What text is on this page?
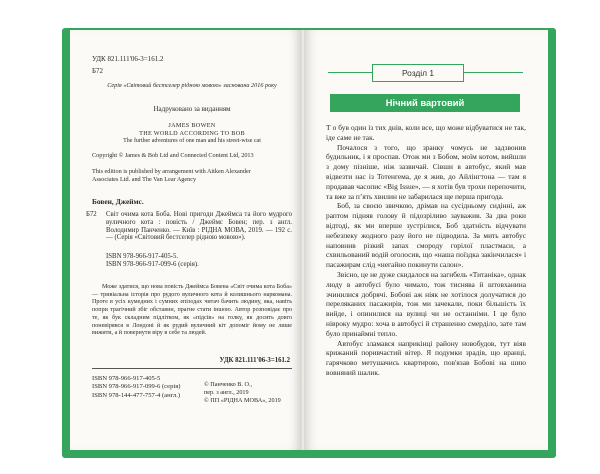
УДК 821.111'06-3=161.2
Б72
Серія «Світовий бестселер рідною мовою» заснована 2016 року
Надруковано за виданням
JAMES BOWEN
THE WORLD ACCORDING TO BOB
The further adventures of one man and his street-wise cat
Copyright © James & Bob Ltd and Connected Content Ltd, 2013
This edition is published by arrangement with Aitken Alexander
Associates Ltd. and The Van Lear Agency
Бовен, Джеймс.
Б72	Світ очима кота Боба. Нові пригоди Джеймса та його мудрого вуличного кота : повість / Джеймс Бовен; пер. з англ. Володимир Панченко. — Київ : РІДНА МОВА, 2019. — 192 с. — (Серія «Світовий бестселер рідною мовою»).
ISBN 978-966-917-405-5.
ISBN 978-966-917-099-6 (серія).
Може здатися, що нова повість Джеймса Бовена «Світ очима кота Боба» — тривіальна історія про рудого вуличного кота й колишнього наркомана. Проте в усіх кумедних і сумних епізодах читач бачить людину, яка, навіть попри трагічний збіг обставин, прагне стати іншою. Автор розповідає про те, як бук складним підлітком, як «підсів» на голку, як досить довго поневірявся в Лондоні й як рудий вуличний кіт допоміг йому не лише вижити, а й повернути віру в себе та людей.
УДК 821.111'06-3=161.2
ISBN 978-966-917-405-5
ISBN 978-966-917-099-6 (серія)
ISBN 978-144-477-757-4 (англ.)
© Панченко В. О.,
пер. з англ., 2019
© ПП «РІДНА МОВА», 2019
Розділ 1
Нічний вартовий

Т о був один із тих днів, коли все, що може відбуватися не так, іде саме не так.

Почалося з того, що зранку чомусь не задзвонив будильник, і я проспав. Отож ми з Бобом, моїм котом, вийшли з дому пізніше, ніж зазвичай. Сівши в автобус, який мав відвезти нас із Тотенгема, де я жив, до Айлінгтона — там я продавав часопис «Big Issue», — я хотів був трохи перепочити, та вже за пʼять хвилин не забарилася ще перша пригода.

Боб, за своєю звичкою, дрімав на сусідньому сидінні, аж раптом підняв голову й підозріливо зауважив. За два роки відтоді, як ми вперше зустрілися, Боб здатність відчувати небезпеку жодного разу його не підводила. За мить автобус наповнив різкий запах смороду горілої пластмаси, а схвильований водій оголосив, що «наша поїздка закінчилася» і пасажирам слід «негайно покинути салон».

Звісно, це не дуже скидалося на загибель «Титаніка», однак люду в автобусі було чимало, тож тиснява й штовханина зчинилися добрячі. Бобові аж ніяк не хотілося долучатися до переляканих пасажирів, тож ми зачекали, поки більшість їх вийде, і опинилися на вулиці чи не останніми. І це було нівроку мудро: хоча в автобусі й страшенно смерділо, зате там було принаймні тепло.

Автобус зламався наприкінці району новобудов, тут віяв крижаний поривчастий вітер. Я подумки зрадів, що вранці, гарячково метушачись квартирою, пов'язав Бобові на шию вовняний шалик.
